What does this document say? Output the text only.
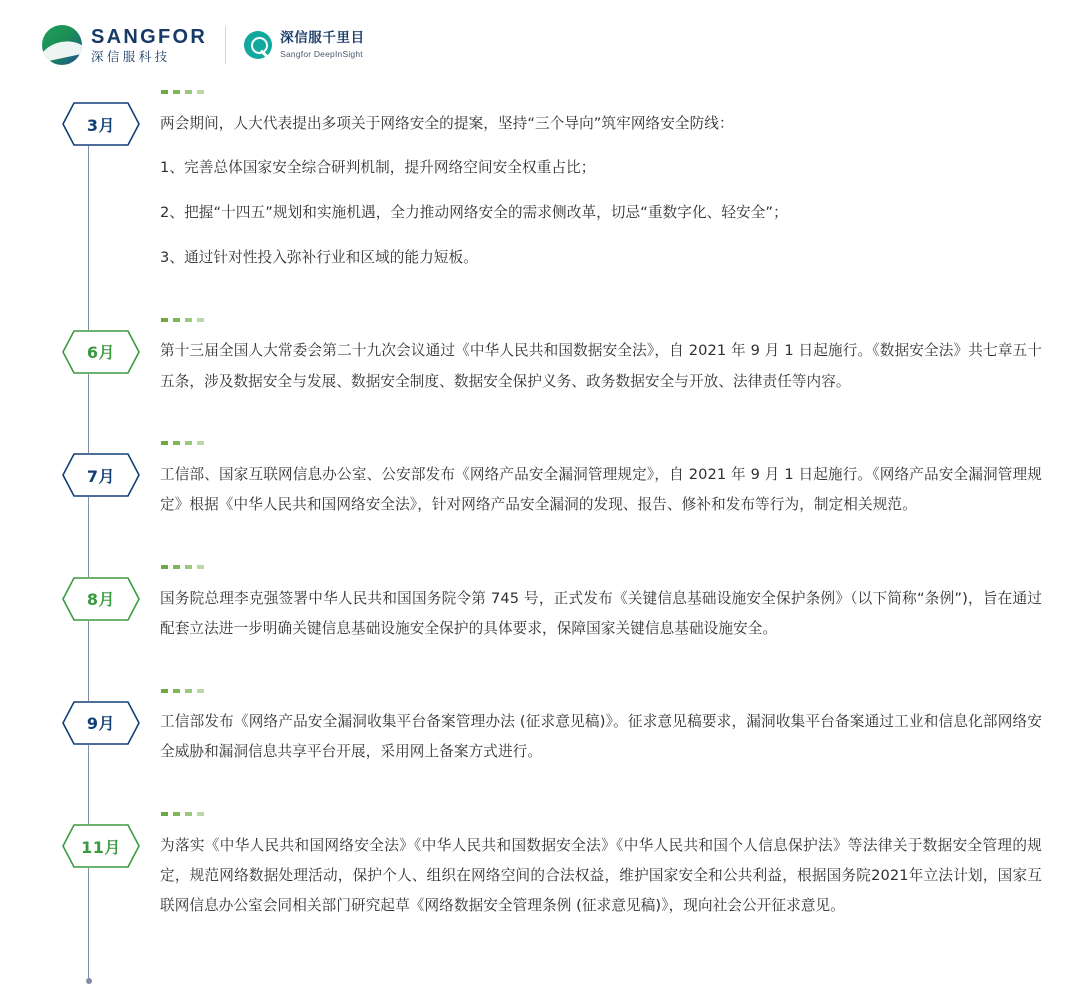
SANGFOR
深信服科技
深信服千里目
Sangfor DeepInSight
3月	两会期间，人大代表提出多项关于网络安全的提案，坚持“三个导向”筑牢网络安全防线：

1、完善总体国家安全综合研判机制，提升网络空间安全权重占比；

2、把握“十四五”规划和实施机遇，全力推动网络安全的需求侧改革，切忌“重数字化、轻安全”；

3、通过针对性投入弥补行业和区域的能力短板。

6月	第十三届全国人大常委会第二十九次会议通过《中华人民共和国数据安全法》，自 2021 年 9 月 1 日起施行。《数据安全法》共七章五十五条，涉及数据安全与发展、数据安全制度、数据安全保护义务、政务数据安全与开放、法律责任等内容。

7月	工信部、国家互联网信息办公室、公安部发布《网络产品安全漏洞管理规定》，自 2021 年 9 月 1 日起施行。《网络产品安全漏洞管理规定》根据《中华人民共和国网络安全法》，针对网络产品安全漏洞的发现、报告、修补和发布等行为，制定相关规范。

8月	国务院总理李克强签署中华人民共和国国务院令第 745 号，正式发布《关键信息基础设施安全保护条例》（以下简称“条例”)，旨在通过配套立法进一步明确关键信息基础设施安全保护的具体要求，保障国家关键信息基础设施安全。

9月	工信部发布《网络产品安全漏洞收集平台备案管理办法 (征求意见稿)》。征求意见稿要求，漏洞收集平台备案通过工业和信息化部网络安全威胁和漏洞信息共享平台开展，采用网上备案方式进行。

11月	为落实《中华人民共和国网络安全法》《中华人民共和国数据安全法》《中华人民共和国个人信息保护法》等法律关于数据安全管理的规定，规范网络数据处理活动，保护个人、组织在网络空间的合法权益，维护国家安全和公共利益，根据国务院2021年立法计划，国家互联网信息办公室会同相关部门研究起草《网络数据安全管理条例 (征求意见稿)》，现向社会公开征求意见。
